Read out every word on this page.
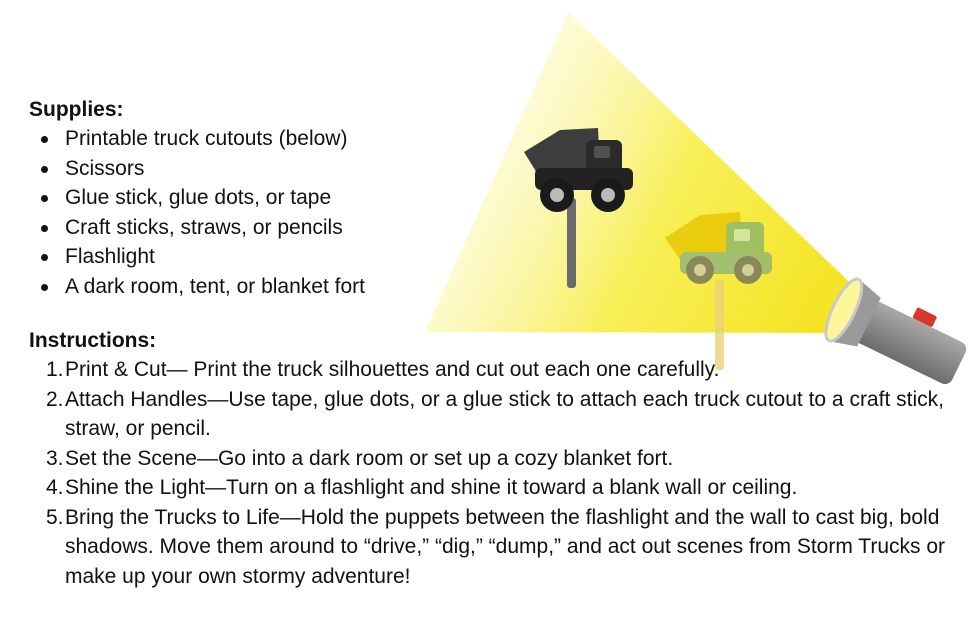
Supplies:
Printable truck cutouts (below)
Scissors
Glue stick, glue dots, or tape
Craft sticks, straws, or pencils
Flashlight
A dark room, tent, or blanket fort
Instructions:
1. Print & Cut— Print the truck silhouettes and cut out each one carefully.
2. Attach Handles—Use tape, glue dots, or a glue stick to attach each truck cutout to a craft stick, straw, or pencil.
3. Set the Scene—Go into a dark room or set up a cozy blanket fort.
4. Shine the Light—Turn on a flashlight and shine it toward a blank wall or ceiling.
5. Bring the Trucks to Life—Hold the puppets between the flashlight and the wall to cast big, bold shadows. Move them around to “drive,” “dig,” “dump,” and act out scenes from Storm Trucks or make up your own stormy adventure!
